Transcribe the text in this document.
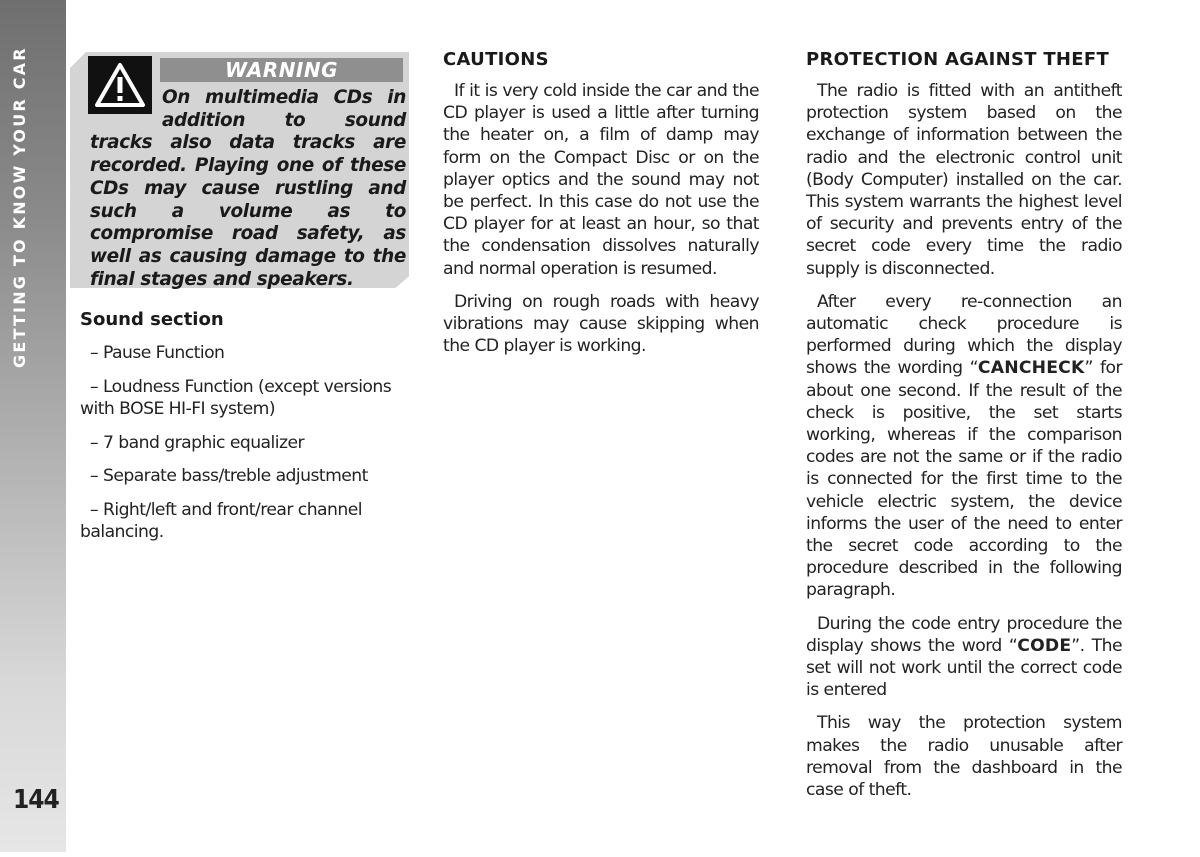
GETTING TO KNOW YOUR CAR
144
WARNING
On multimedia CDs in addition to sound tracks also data tracks are recorded. Playing one of these CDs may cause rustling and such a volume as to compromise road safety, as well as causing damage to the final stages and speakers.
Sound section
– Pause Function
– Loudness Function (except versions with BOSE HI-FI system)
– 7 band graphic equalizer
– Separate bass/treble adjustment
– Right/left and front/rear channel balancing.
CAUTIONS

If it is very cold inside the car and the CD player is used a little after turning the heater on, a film of damp may form on the Compact Disc or on the player optics and the sound may not be perfect. In this case do not use the CD player for at least an hour, so that the condensation dissolves naturally and normal operation is resumed.

Driving on rough roads with heavy vibrations may cause skipping when the CD player is working.

PROTECTION AGAINST THEFT

The radio is fitted with an antitheft protection system based on the exchange of information between the radio and the electronic control unit (Body Computer) installed on the car. This system warrants the highest level of security and prevents entry of the secret code every time the radio supply is disconnected.

After every re-connection an automatic check procedure is performed during which the display shows the wording “CANCHECK” for about one second. If the result of the check is positive, the set starts working, whereas if the comparison codes are not the same or if the radio is connected for the first time to the vehicle electric system, the device informs the user of the need to enter the secret code according to the procedure described in the following paragraph.

During the code entry procedure the display shows the word “CODE”. The set will not work until the correct code is entered

This way the protection system makes the radio unusable after removal from the dashboard in the case of theft.
